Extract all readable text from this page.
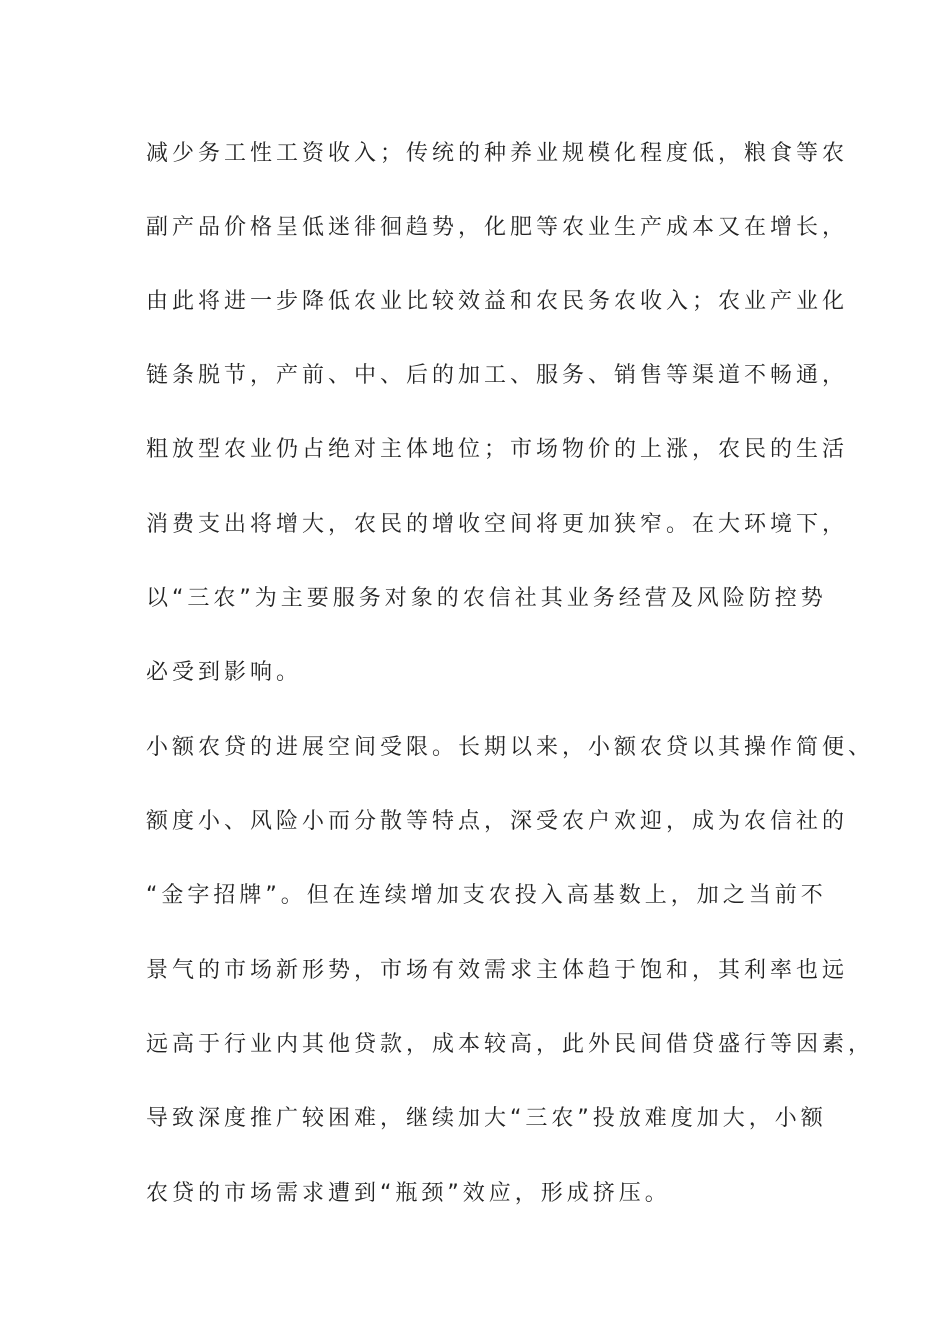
减少务工性工资收入；传统的种养业规模化程度低，粮食等农
副产品价格呈低迷徘徊趋势，化肥等农业生产成本又在增长，
由此将进一步降低农业比较效益和农民务农收入；农业产业化
链条脱节，产前、中、后的加工、服务、销售等渠道不畅通，
粗放型农业仍占绝对主体地位；市场物价的上涨，农民的生活
消费支出将增大，农民的增收空间将更加狭窄。在大环境下，
以“三农”为主要服务对象的农信社其业务经营及风险防控势
必受到影响。
小额农贷的进展空间受限。长期以来，小额农贷以其操作简便、
额度小、风险小而分散等特点，深受农户欢迎，成为农信社的
“金字招牌”。但在连续增加支农投入高基数上，加之当前不
景气的市场新形势，市场有效需求主体趋于饱和，其利率也远
远高于行业内其他贷款，成本较高，此外民间借贷盛行等因素，
导致深度推广较困难，继续加大“三农”投放难度加大，小额
农贷的市场需求遭到“瓶颈”效应，形成挤压。
